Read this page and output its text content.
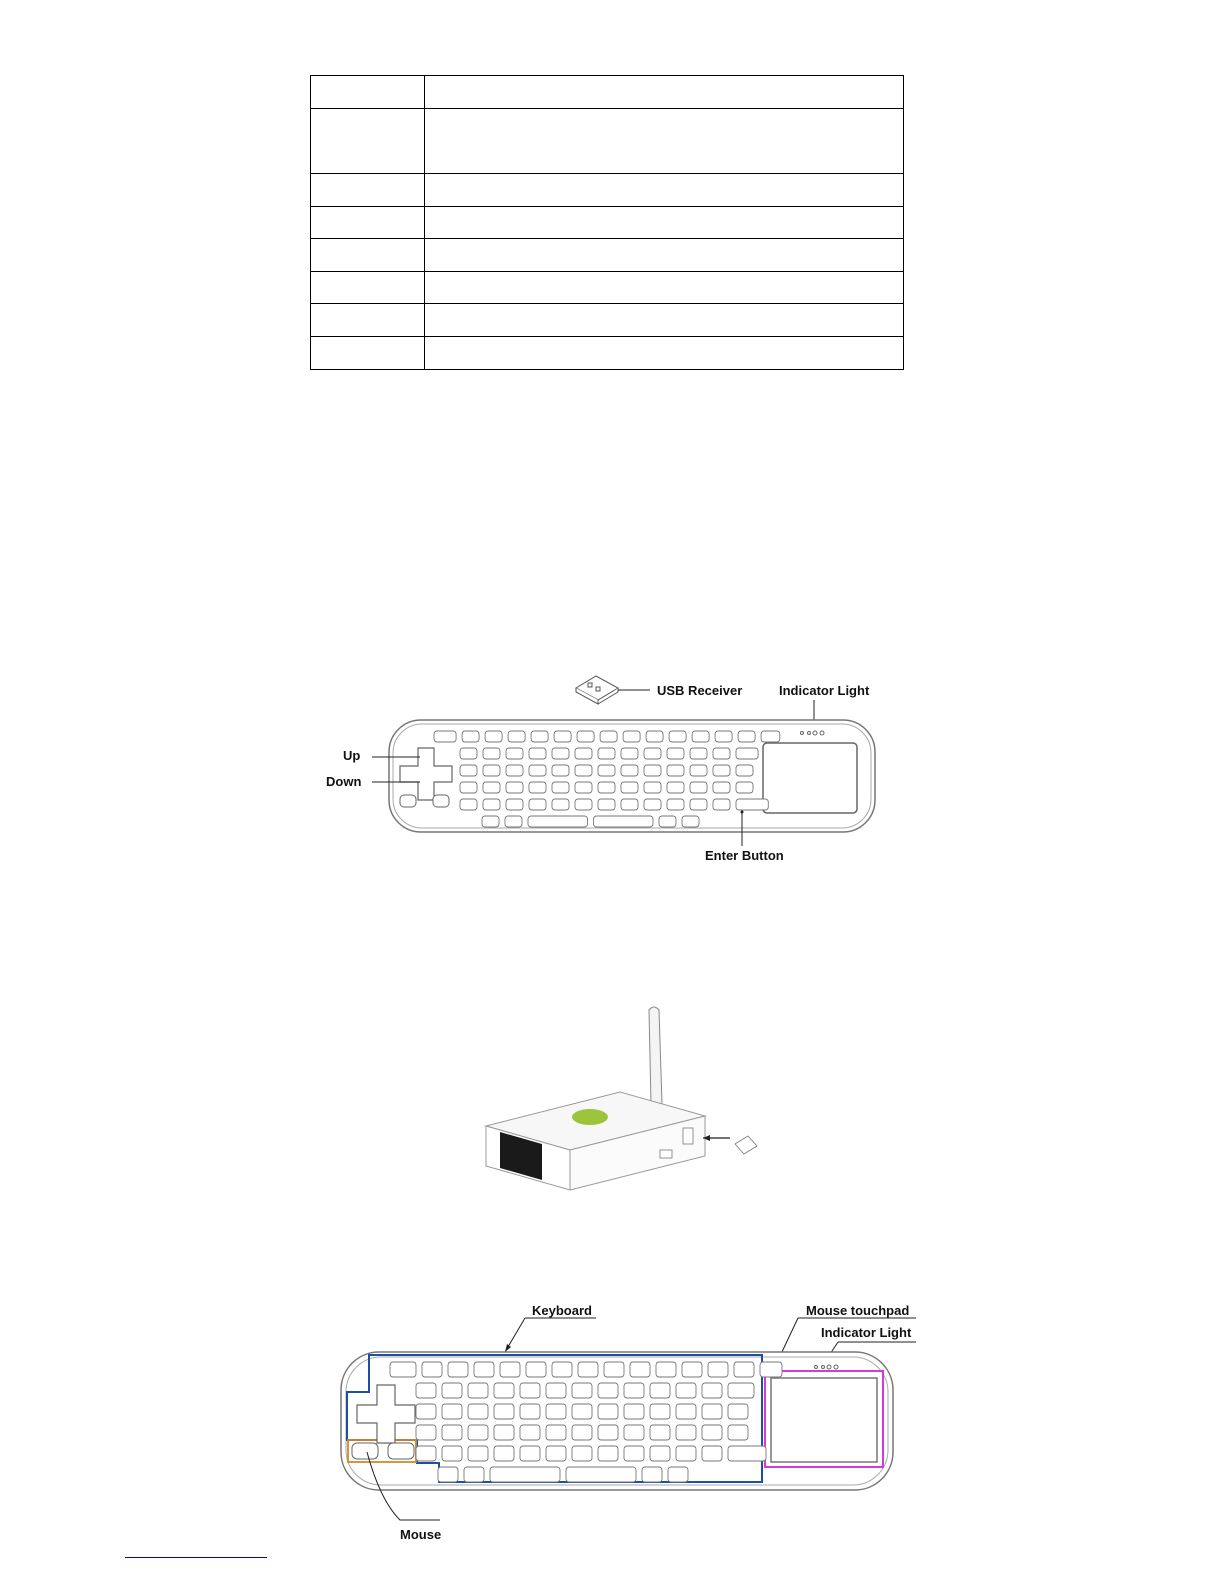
USB Receiver	Indicator Light
Up
Down
Enter Button
Keyboard	Mouse touchpad
Indicator Light
Mouse
